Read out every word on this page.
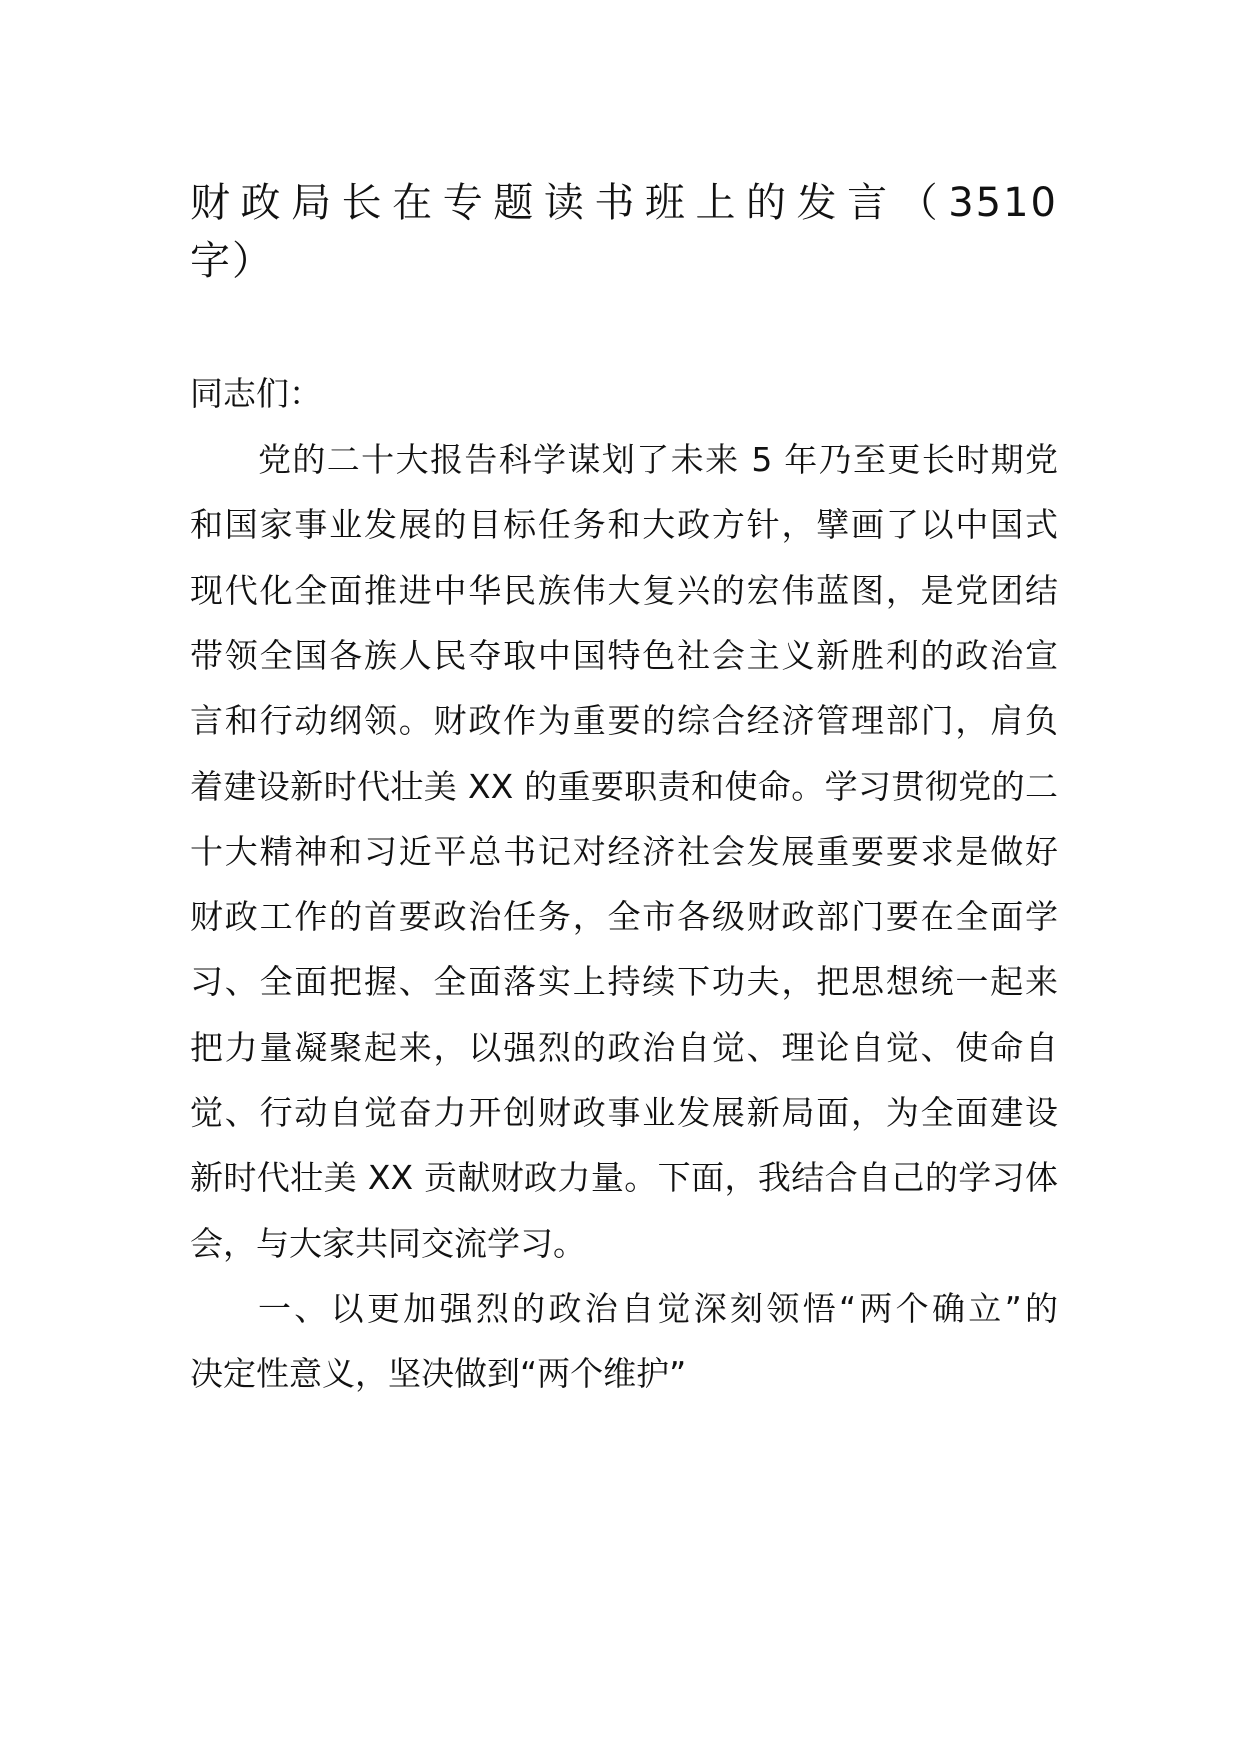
财政局长在专题读书班上的发言（3510
字）
同志们：
党的二十大报告科学谋划了未来 5 年乃至更长时期党
和国家事业发展的目标任务和大政方针，擘画了以中国式
现代化全面推进中华民族伟大复兴的宏伟蓝图，是党团结
带领全国各族人民夺取中国特色社会主义新胜利的政治宣
言和行动纲领。财政作为重要的综合经济管理部门，肩负
着建设新时代壮美 XX 的重要职责和使命。学习贯彻党的二
十大精神和习近平总书记对经济社会发展重要要求是做好
财政工作的首要政治任务，全市各级财政部门要在全面学
习、全面把握、全面落实上持续下功夫，把思想统一起来
把力量凝聚起来，以强烈的政治自觉、理论自觉、使命自
觉、行动自觉奋力开创财政事业发展新局面，为全面建设
新时代壮美 XX 贡献财政力量。下面，我结合自己的学习体
会，与大家共同交流学习。
一、以更加强烈的政治自觉深刻领悟“两个确立”的
决定性意义，坚决做到“两个维护”
